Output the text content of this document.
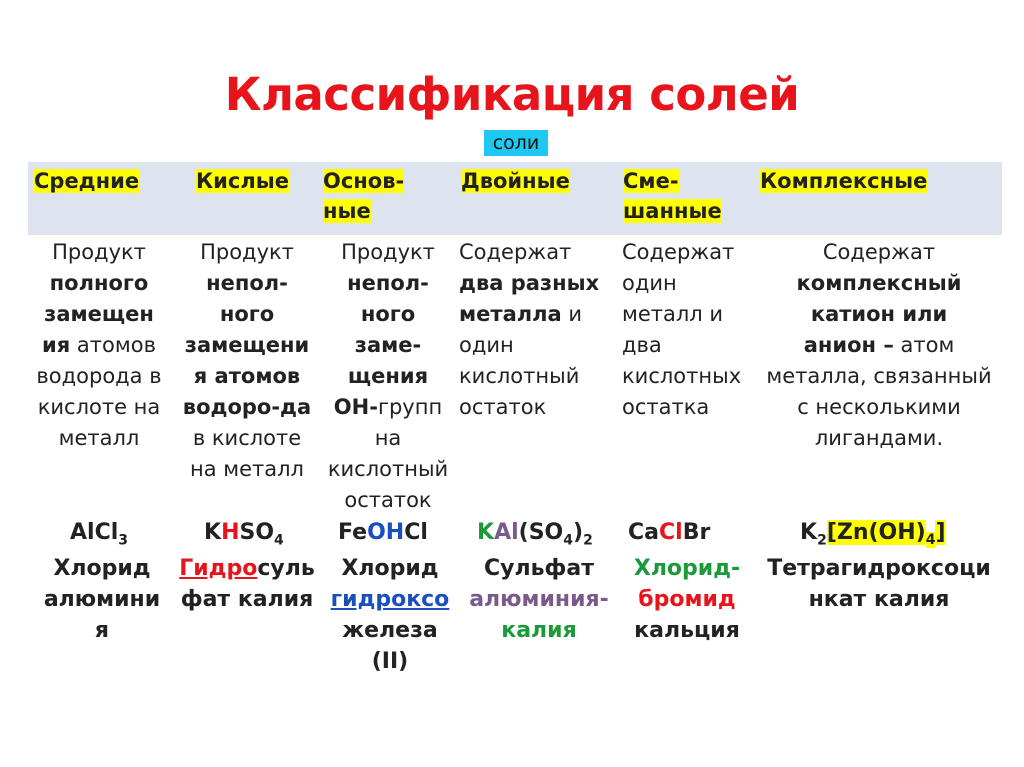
Классификация солей
соли
Средние
Продукт
полного
замещен
ия атомов
водорода в
кислоте на
металл
AlCl$_3$
Хлорид
алюмини
я
Кислые
Продукт
непол-
ного
замещени
я атомов
водоро-да
в кислоте
на металл
$KHSO_4$
Гидросуль
фат калия
Основ-
ные
Продукт
непол-
ного
заме-
щения
ОН-групп
на
кислотный
остаток
FeOHCl
Хлорид
гидроксо
железа
(II)
Двойные
Содержат
два разных
металла и
один
кислотный
остаток
$KAl(SO_4)_2$
Сульфат
алюминия-
калия
Сме-
шанные
Содержат
один
металл и
два
кислотных
остатка
CaClBr
Хлорид-
бромид
кальция
Комплексные
Содержат
комплексный
катион или
анион – атом
металла, связанный
с несколькими
лигандами.
$K_2[Zn(OH)_4]$
Тетрагидроксоци
нкат калия
